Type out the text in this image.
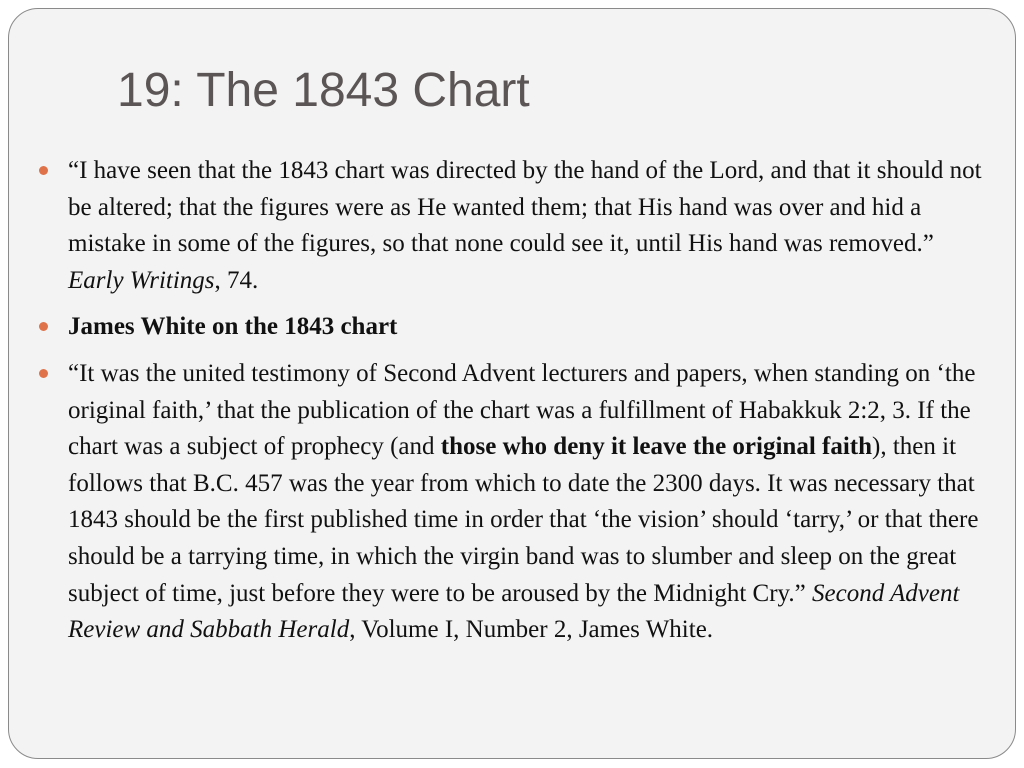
19: The 1843 Chart
“I have seen that the 1843 chart was directed by the hand of the Lord, and that it should not be altered; that the figures were as He wanted them; that His hand was over and hid a mistake in some of the figures, so that none could see it, until His hand was removed.” Early Writings, 74.
James White on the 1843 chart
“It was the united testimony of Second Advent lecturers and papers, when standing on ‘the original faith,’ that the publication of the chart was a fulfillment of Habakkuk 2:2, 3. If the chart was a subject of prophecy (and those who deny it leave the original faith), then it follows that B.C. 457 was the year from which to date the 2300 days. It was necessary that 1843 should be the first published time in order that ‘the vision’ should ‘tarry,’ or that there should be a tarrying time, in which the virgin band was to slumber and sleep on the great subject of time, just before they were to be aroused by the Midnight Cry.” Second Advent Review and Sabbath Herald, Volume I, Number 2, James White.
